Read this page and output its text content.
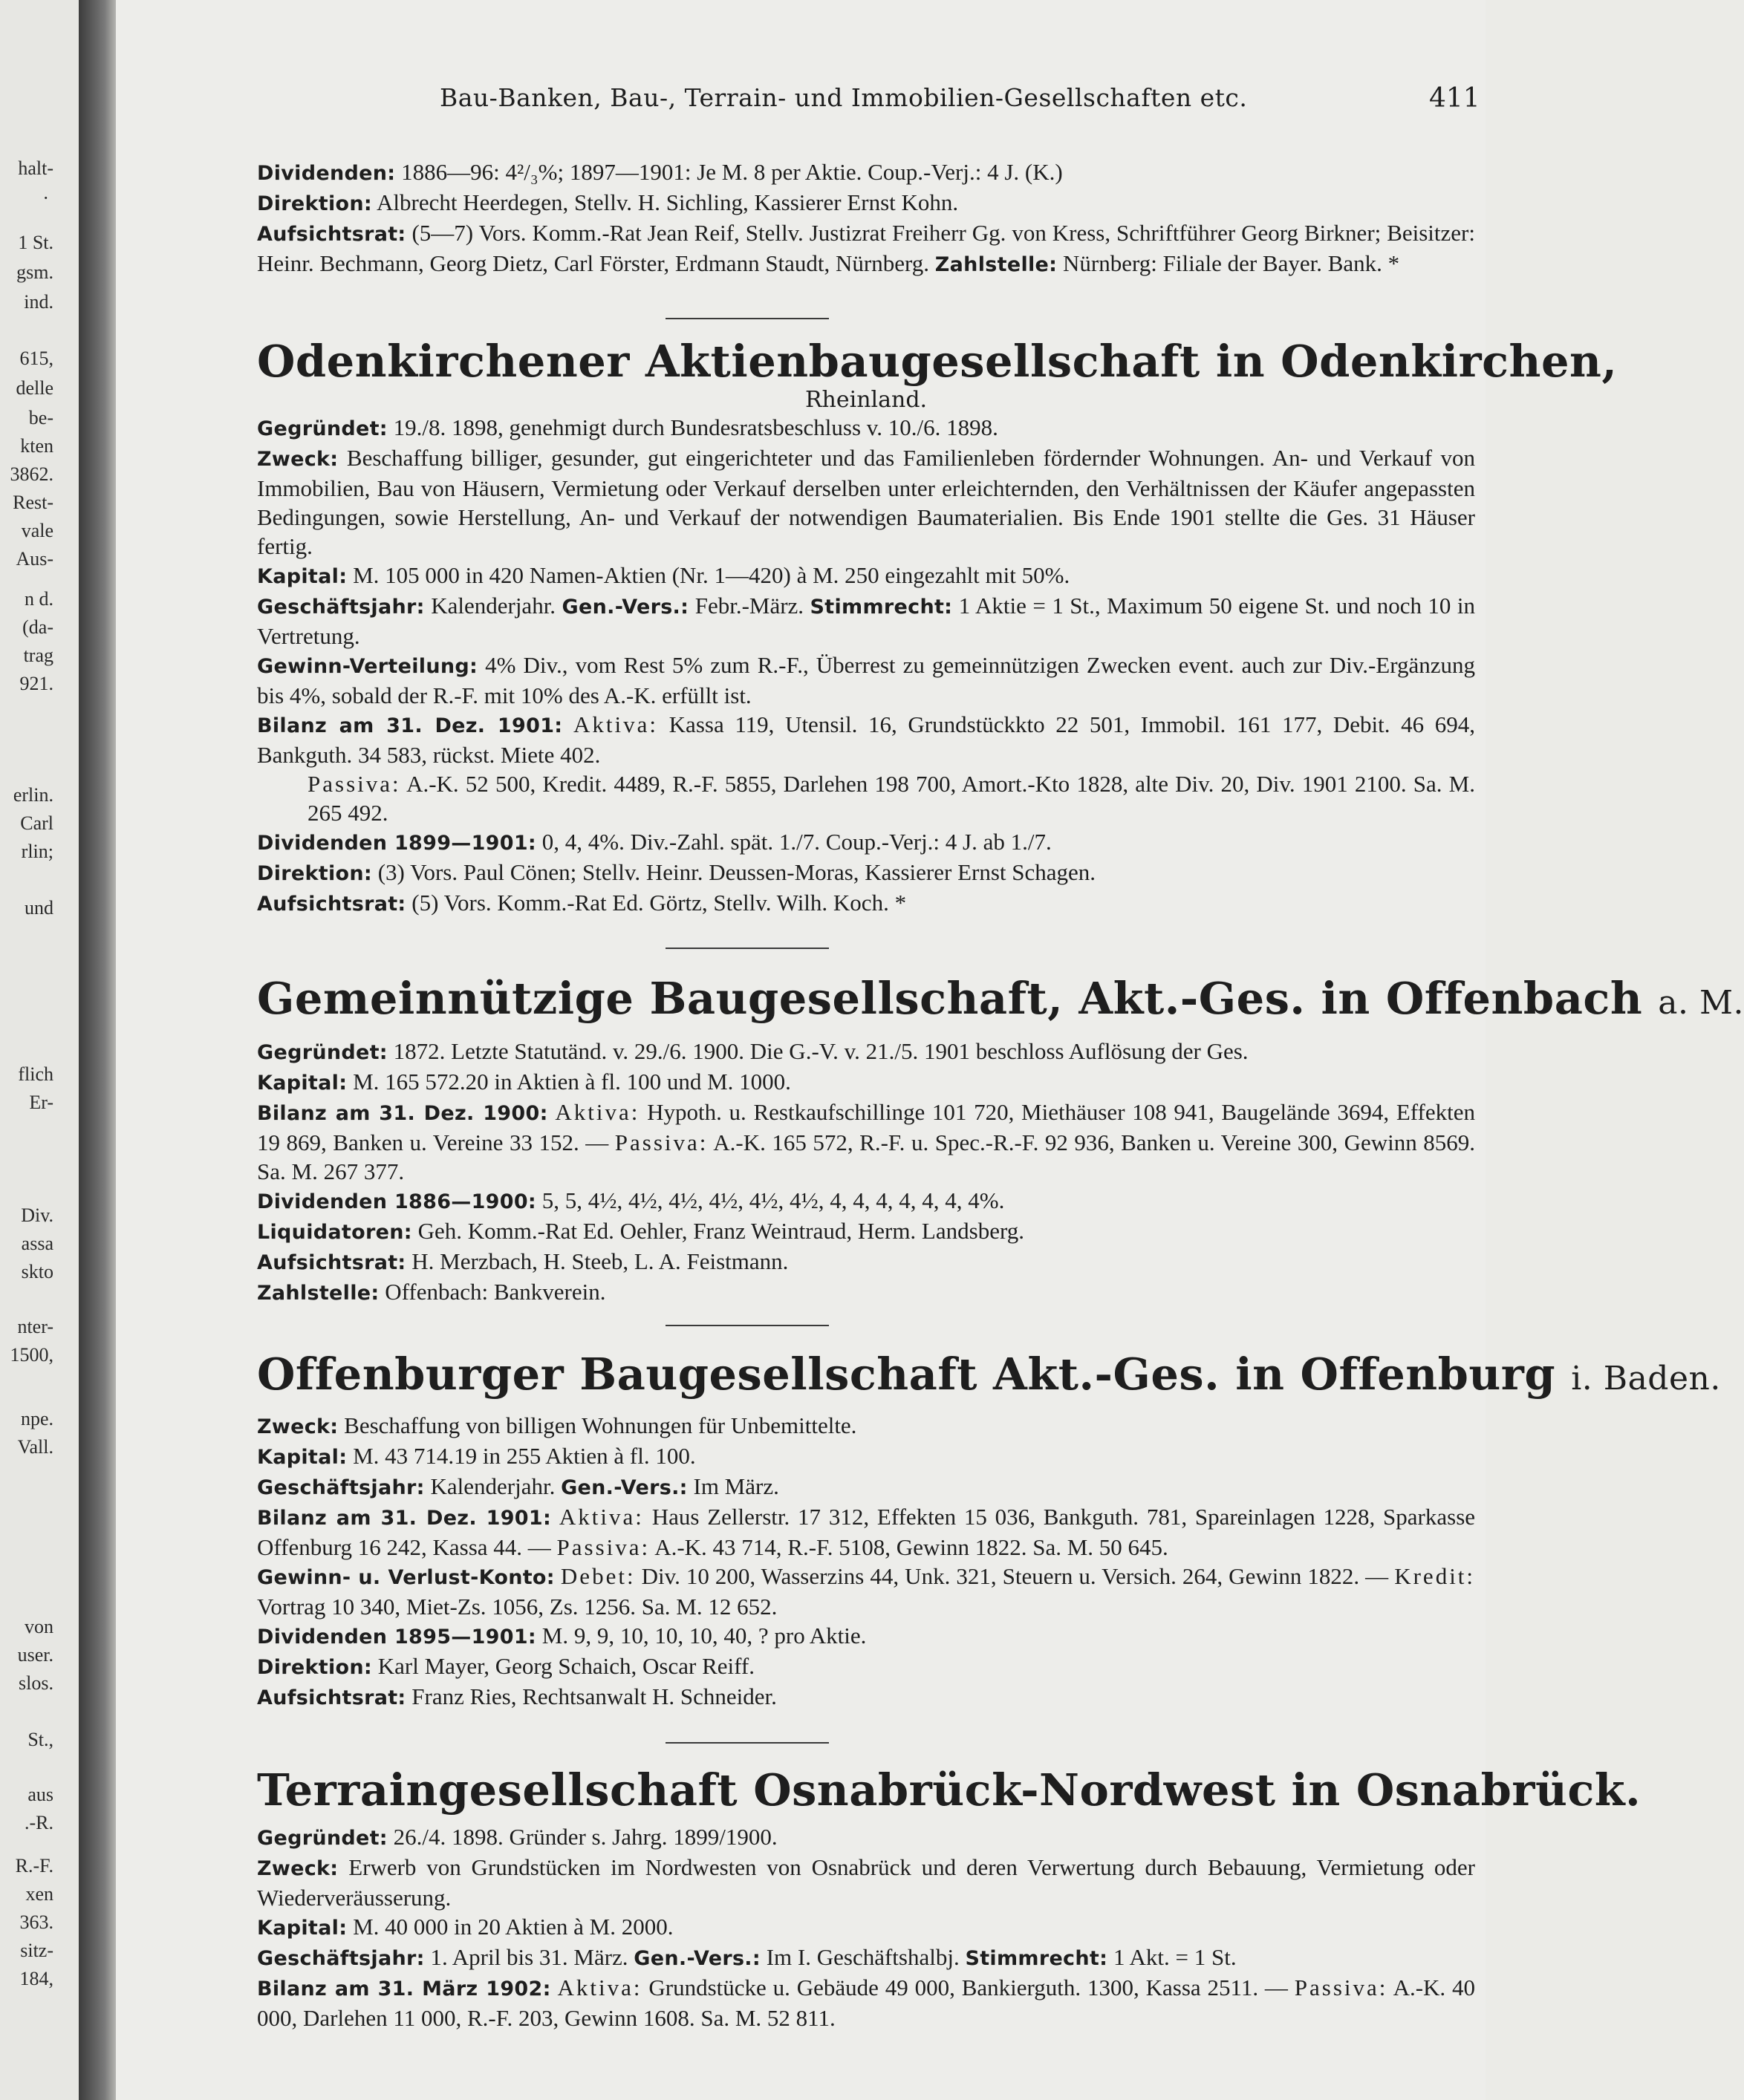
halt-
·
1 St.
gsm.
ind.
615,
delle
be-
kten
3862.
Rest-
vale
Aus-
n d.
(da-
trag
921.
erlin.
Carl
rlin;
und
flich
Er-
Div.
assa
skto
nter-
1500,
npe.
Vall.
von
user.
slos.
St.,
aus
.-R.
R.-F.
xen
363.
sitz-
184,
Bau-Banken, Bau-, Terrain- und Immobilien-Gesellschaften etc.	411

Dividenden: 1886—96: 4²/₃%; 1897—1901: Je M. 8 per Aktie. Coup.-Verj.: 4 J. (K.)

Direktion: Albrecht Heerdegen, Stellv. H. Sichling, Kassierer Ernst Kohn.

Aufsichtsrat: (5—7) Vors. Komm.-Rat Jean Reif, Stellv. Justizrat Freiherr Gg. von Kress, Schriftführer Georg Birkner; Beisitzer: Heinr. Bechmann, Georg Dietz, Carl Förster, Erdmann Staudt, Nürnberg. Zahlstelle: Nürnberg: Filiale der Bayer. Bank. *

Odenkirchener Aktienbaugesellschaft in Odenkirchen,

Rheinland.

Gegründet: 19./8. 1898, genehmigt durch Bundesratsbeschluss v. 10./6. 1898.

Zweck: Beschaffung billiger, gesunder, gut eingerichteter und das Familienleben fördernder Wohnungen. An- und Verkauf von Immobilien, Bau von Häusern, Vermietung oder Verkauf derselben unter erleichternden, den Verhältnissen der Käufer angepassten Bedingungen, sowie Herstellung, An- und Verkauf der notwendigen Baumaterialien. Bis Ende 1901 stellte die Ges. 31 Häuser fertig.

Kapital: M. 105 000 in 420 Namen-Aktien (Nr. 1—420) à M. 250 eingezahlt mit 50%.

Geschäftsjahr: Kalenderjahr. Gen.-Vers.: Febr.-März. Stimmrecht: 1 Aktie = 1 St., Maximum 50 eigene St. und noch 10 in Vertretung.

Gewinn-Verteilung: 4% Div., vom Rest 5% zum R.-F., Überrest zu gemeinnützigen Zwecken event. auch zur Div.-Ergänzung bis 4%, sobald der R.-F. mit 10% des A.-K. erfüllt ist.

Bilanz am 31. Dez. 1901: Aktiva: Kassa 119, Utensil. 16, Grundstückkto 22 501, Immobil. 161 177, Debit. 46 694, Bankguth. 34 583, rückst. Miete 402.

Passiva: A.-K. 52 500, Kredit. 4489, R.-F. 5855, Darlehen 198 700, Amort.-Kto 1828, alte Div. 20, Div. 1901 2100. Sa. M. 265 492.

Dividenden 1899—1901: 0, 4, 4%. Div.-Zahl. spät. 1./7. Coup.-Verj.: 4 J. ab 1./7.

Direktion: (3) Vors. Paul Cönen; Stellv. Heinr. Deussen-Moras, Kassierer Ernst Schagen.

Aufsichtsrat: (5) Vors. Komm.-Rat Ed. Görtz, Stellv. Wilh. Koch. *

Gemeinnützige Baugesellschaft, Akt.-Ges. in Offenbach a. M.

Gegründet: 1872. Letzte Statutänd. v. 29./6. 1900. Die G.-V. v. 21./5. 1901 beschloss Auflösung der Ges.

Kapital: M. 165 572.20 in Aktien à fl. 100 und M. 1000.

Bilanz am 31. Dez. 1900: Aktiva: Hypoth. u. Restkaufschillinge 101 720, Miethäuser 108 941, Baugelände 3694, Effekten 19 869, Banken u. Vereine 33 152. — Passiva: A.-K. 165 572, R.-F. u. Spec.-R.-F. 92 936, Banken u. Vereine 300, Gewinn 8569. Sa. M. 267 377.

Dividenden 1886—1900: 5, 5, 4½, 4½, 4½, 4½, 4½, 4½, 4, 4, 4, 4, 4, 4, 4%.

Liquidatoren: Geh. Komm.-Rat Ed. Oehler, Franz Weintraud, Herm. Landsberg.

Aufsichtsrat: H. Merzbach, H. Steeb, L. A. Feistmann.

Zahlstelle: Offenbach: Bankverein.

Offenburger Baugesellschaft Akt.-Ges. in Offenburg i. Baden.

Zweck: Beschaffung von billigen Wohnungen für Unbemittelte.

Kapital: M. 43 714.19 in 255 Aktien à fl. 100.

Geschäftsjahr: Kalenderjahr. Gen.-Vers.: Im März.

Bilanz am 31. Dez. 1901: Aktiva: Haus Zellerstr. 17 312, Effekten 15 036, Bankguth. 781, Spareinlagen 1228, Sparkasse Offenburg 16 242, Kassa 44. — Passiva: A.-K. 43 714, R.-F. 5108, Gewinn 1822. Sa. M. 50 645.

Gewinn- u. Verlust-Konto: Debet: Div. 10 200, Wasserzins 44, Unk. 321, Steuern u. Versich. 264, Gewinn 1822. — Kredit: Vortrag 10 340, Miet-Zs. 1056, Zs. 1256. Sa. M. 12 652.

Dividenden 1895—1901: M. 9, 9, 10, 10, 10, 40, ? pro Aktie.

Direktion: Karl Mayer, Georg Schaich, Oscar Reiff.

Aufsichtsrat: Franz Ries, Rechtsanwalt H. Schneider.

Terraingesellschaft Osnabrück-Nordwest in Osnabrück.

Gegründet: 26./4. 1898. Gründer s. Jahrg. 1899/1900.

Zweck: Erwerb von Grundstücken im Nordwesten von Osnabrück und deren Verwertung durch Bebauung, Vermietung oder Wiederveräusserung.

Kapital: M. 40 000 in 20 Aktien à M. 2000.

Geschäftsjahr: 1. April bis 31. März. Gen.-Vers.: Im I. Geschäftshalbj. Stimmrecht: 1 Akt. = 1 St.

Bilanz am 31. März 1902: Aktiva: Grundstücke u. Gebäude 49 000, Bankierguth. 1300, Kassa 2511. — Passiva: A.-K. 40 000, Darlehen 11 000, R.-F. 203, Gewinn 1608. Sa. M. 52 811.
